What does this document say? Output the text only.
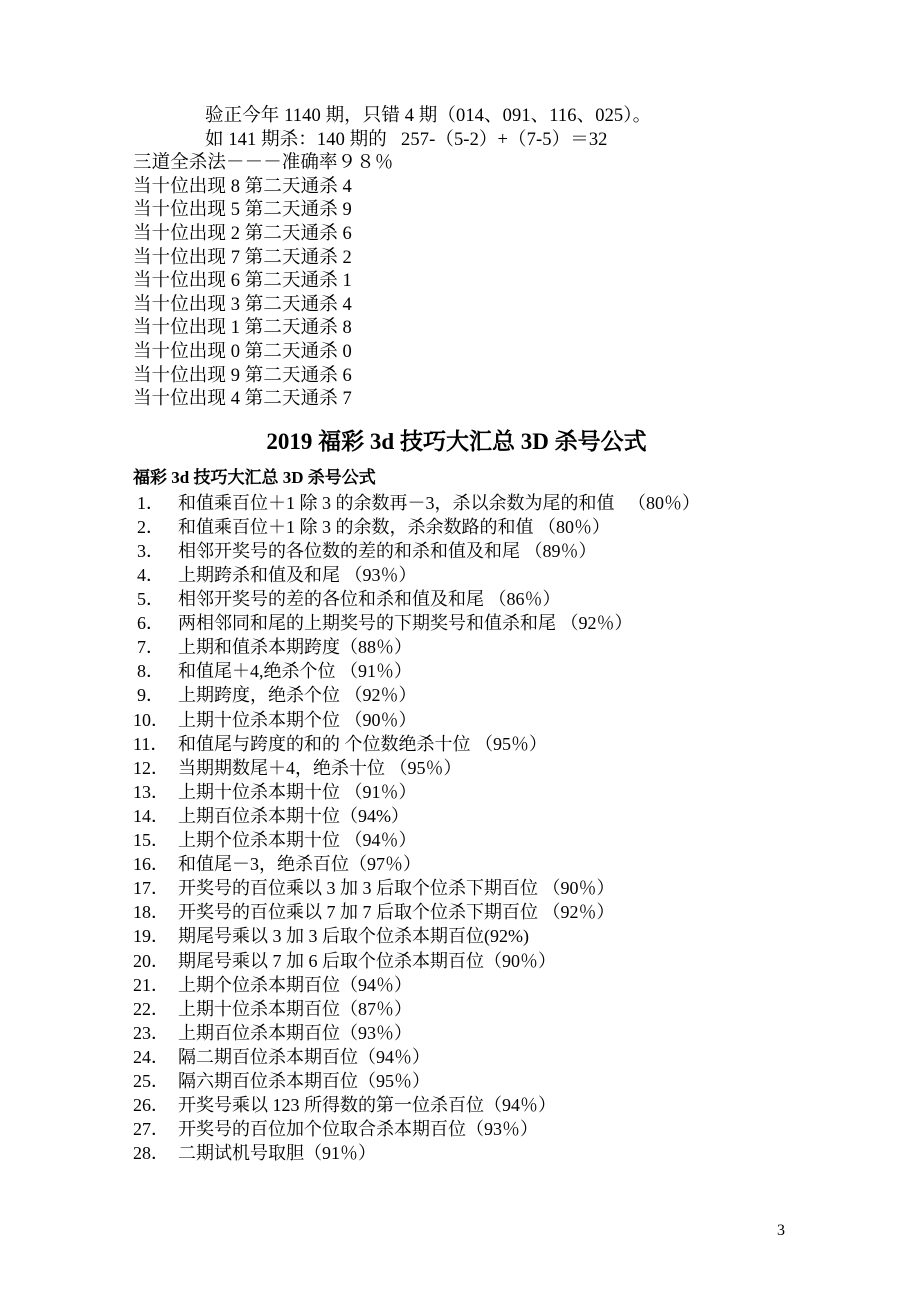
验正今年 1140 期，只错 4 期（014、091、116、025）。
如 141 期杀：140 期的   257-（5-2）+（7-5）＝32
三道全杀法－－－准确率９８％
当十位出现 8 第二天通杀 4
当十位出现 5 第二天通杀 9
当十位出现 2 第二天通杀 6
当十位出现 7 第二天通杀 2
当十位出现 6 第二天通杀 1
当十位出现 3 第二天通杀 4
当十位出现 1 第二天通杀 8
当十位出现 0 第二天通杀 0
当十位出现 9 第二天通杀 6
当十位出现 4 第二天通杀 7
2019 福彩 3d 技巧大汇总 3D 杀号公式
福彩 3d 技巧大汇总 3D 杀号公式
1． 和值乘百位＋1 除 3 的余数再－3，杀以余数为尾的和值   （80％）
2． 和值乘百位＋1 除 3 的余数，杀余数路的和值 （80％）
3． 相邻开奖号的各位数的差的和杀和值及和尾 （89％）
4． 上期跨杀和值及和尾 （93％）
5． 相邻开奖号的差的各位和杀和值及和尾 （86％）
6． 两相邻同和尾的上期奖号的下期奖号和值杀和尾 （92％）
7． 上期和值杀本期跨度（88％）
8． 和值尾＋4,绝杀个位 （91％）
9． 上期跨度，绝杀个位 （92％）
10． 上期十位杀本期个位 （90％）
11． 和值尾与跨度的和的 个位数绝杀十位 （95％）
12． 当期期数尾＋4，绝杀十位 （95％）
13． 上期十位杀本期十位 （91％）
14． 上期百位杀本期十位（94%）
15． 上期个位杀本期十位 （94％）
16． 和值尾－3，绝杀百位（97％）
17． 开奖号的百位乘以 3 加 3 后取个位杀下期百位 （90％）
18． 开奖号的百位乘以 7 加 7 后取个位杀下期百位 （92％）
19． 期尾号乘以 3 加 3 后取个位杀本期百位(92%)
20． 期尾号乘以 7 加 6 后取个位杀本期百位（90％）
21． 上期个位杀本期百位（94％）
22． 上期十位杀本期百位（87％）
23． 上期百位杀本期百位（93％）
24． 隔二期百位杀本期百位（94％）
25． 隔六期百位杀本期百位（95％）
26． 开奖号乘以 123 所得数的第一位杀百位（94％）
27． 开奖号的百位加个位取合杀本期百位（93％）
28． 二期试机号取胆（91％）
3
